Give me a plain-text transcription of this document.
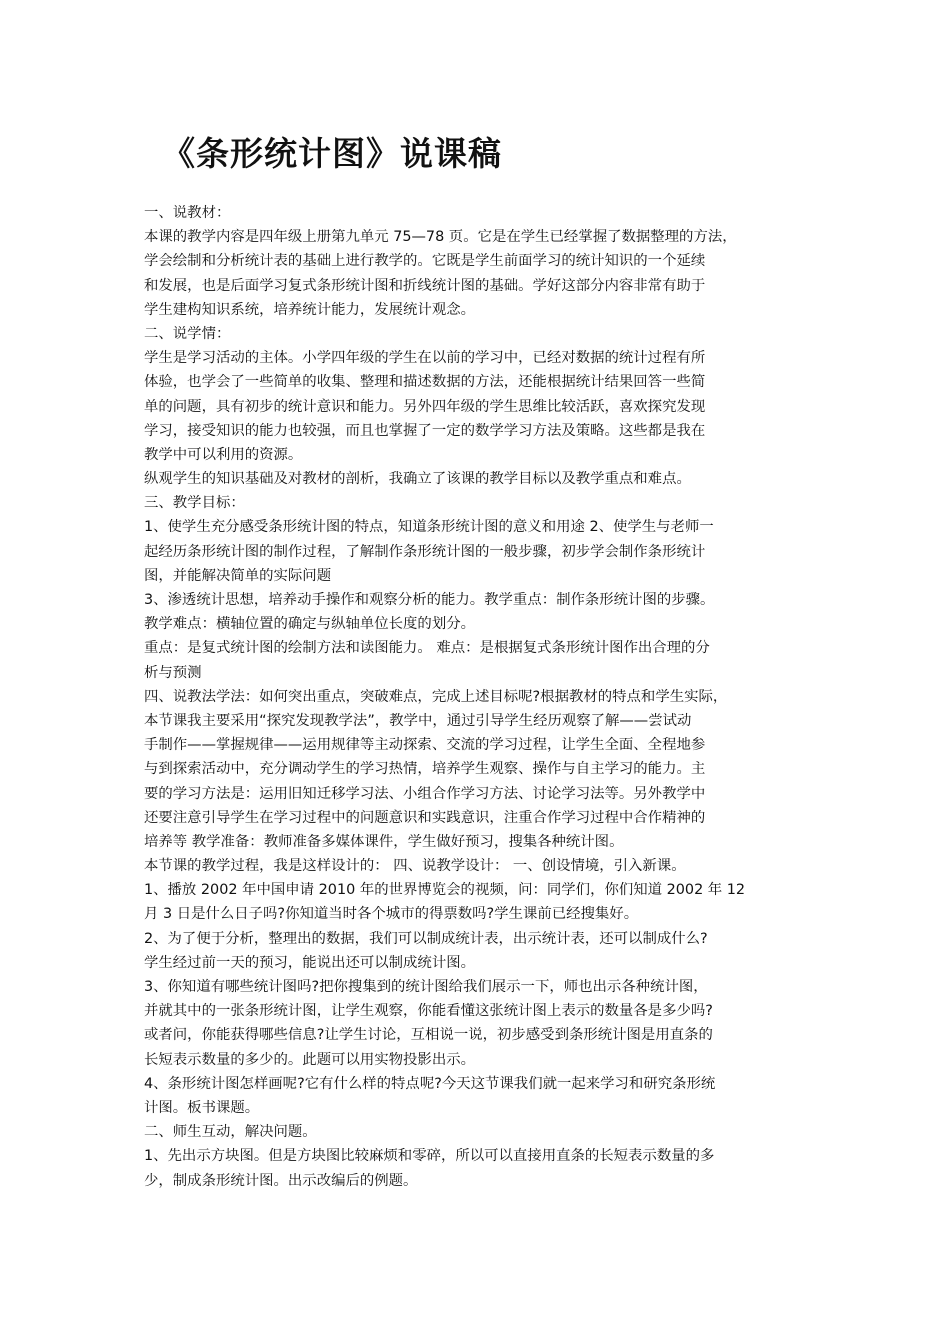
《条形统计图》说课稿
一、说教材：
本课的教学内容是四年级上册第九单元 75—78 页。它是在学生已经掌握了数据整理的方法，
学会绘制和分析统计表的基础上进行教学的。它既是学生前面学习的统计知识的一个延续
和发展，也是后面学习复式条形统计图和折线统计图的基础。学好这部分内容非常有助于
学生建构知识系统，培养统计能力，发展统计观念。
二、说学情：
学生是学习活动的主体。小学四年级的学生在以前的学习中，已经对数据的统计过程有所
体验，也学会了一些简单的收集、整理和描述数据的方法，还能根据统计结果回答一些简
单的问题，具有初步的统计意识和能力。另外四年级的学生思维比较活跃，喜欢探究发现
学习，接受知识的能力也较强，而且也掌握了一定的数学学习方法及策略。这些都是我在
教学中可以利用的资源。
纵观学生的知识基础及对教材的剖析，我确立了该课的教学目标以及教学重点和难点。
三、教学目标：
1、使学生充分感受条形统计图的特点，知道条形统计图的意义和用途 2、使学生与老师一
起经历条形统计图的制作过程，了解制作条形统计图的一般步骤，初步学会制作条形统计
图，并能解决简单的实际问题
3、渗透统计思想，培养动手操作和观察分析的能力。教学重点：制作条形统计图的步骤。
教学难点：横轴位置的确定与纵轴单位长度的划分。
重点：是复式统计图的绘制方法和读图能力。 难点：是根据复式条形统计图作出合理的分
析与预测
四、说教法学法：如何突出重点，突破难点，完成上述目标呢?根据教材的特点和学生实际，
本节课我主要采用“探究发现教学法”，教学中，通过引导学生经历观察了解——尝试动
手制作——掌握规律——运用规律等主动探索、交流的学习过程，让学生全面、全程地参
与到探索活动中，充分调动学生的学习热情，培养学生观察、操作与自主学习的能力。主
要的学习方法是：运用旧知迁移学习法、小组合作学习方法、讨论学习法等。另外教学中
还要注意引导学生在学习过程中的问题意识和实践意识，注重合作学习过程中合作精神的
培养等 教学准备：教师准备多媒体课件，学生做好预习，搜集各种统计图。
本节课的教学过程，我是这样设计的： 四、说教学设计： 一、创设情境，引入新课。
1、播放 2002 年中国申请 2010 年的世界博览会的视频，问：同学们，你们知道 2002 年 12
月 3 日是什么日子吗?你知道当时各个城市的得票数吗?学生课前已经搜集好。
2、为了便于分析，整理出的数据，我们可以制成统计表，出示统计表，还可以制成什么?
学生经过前一天的预习，能说出还可以制成统计图。
3、你知道有哪些统计图吗?把你搜集到的统计图给我们展示一下，师也出示各种统计图，
并就其中的一张条形统计图，让学生观察，你能看懂这张统计图上表示的数量各是多少吗?
或者问，你能获得哪些信息?让学生讨论，互相说一说，初步感受到条形统计图是用直条的
长短表示数量的多少的。此题可以用实物投影出示。
4、条形统计图怎样画呢?它有什么样的特点呢?今天这节课我们就一起来学习和研究条形统
计图。板书课题。
二、师生互动，解决问题。
1、先出示方块图。但是方块图比较麻烦和零碎，所以可以直接用直条的长短表示数量的多
少，制成条形统计图。出示改编后的例题。
